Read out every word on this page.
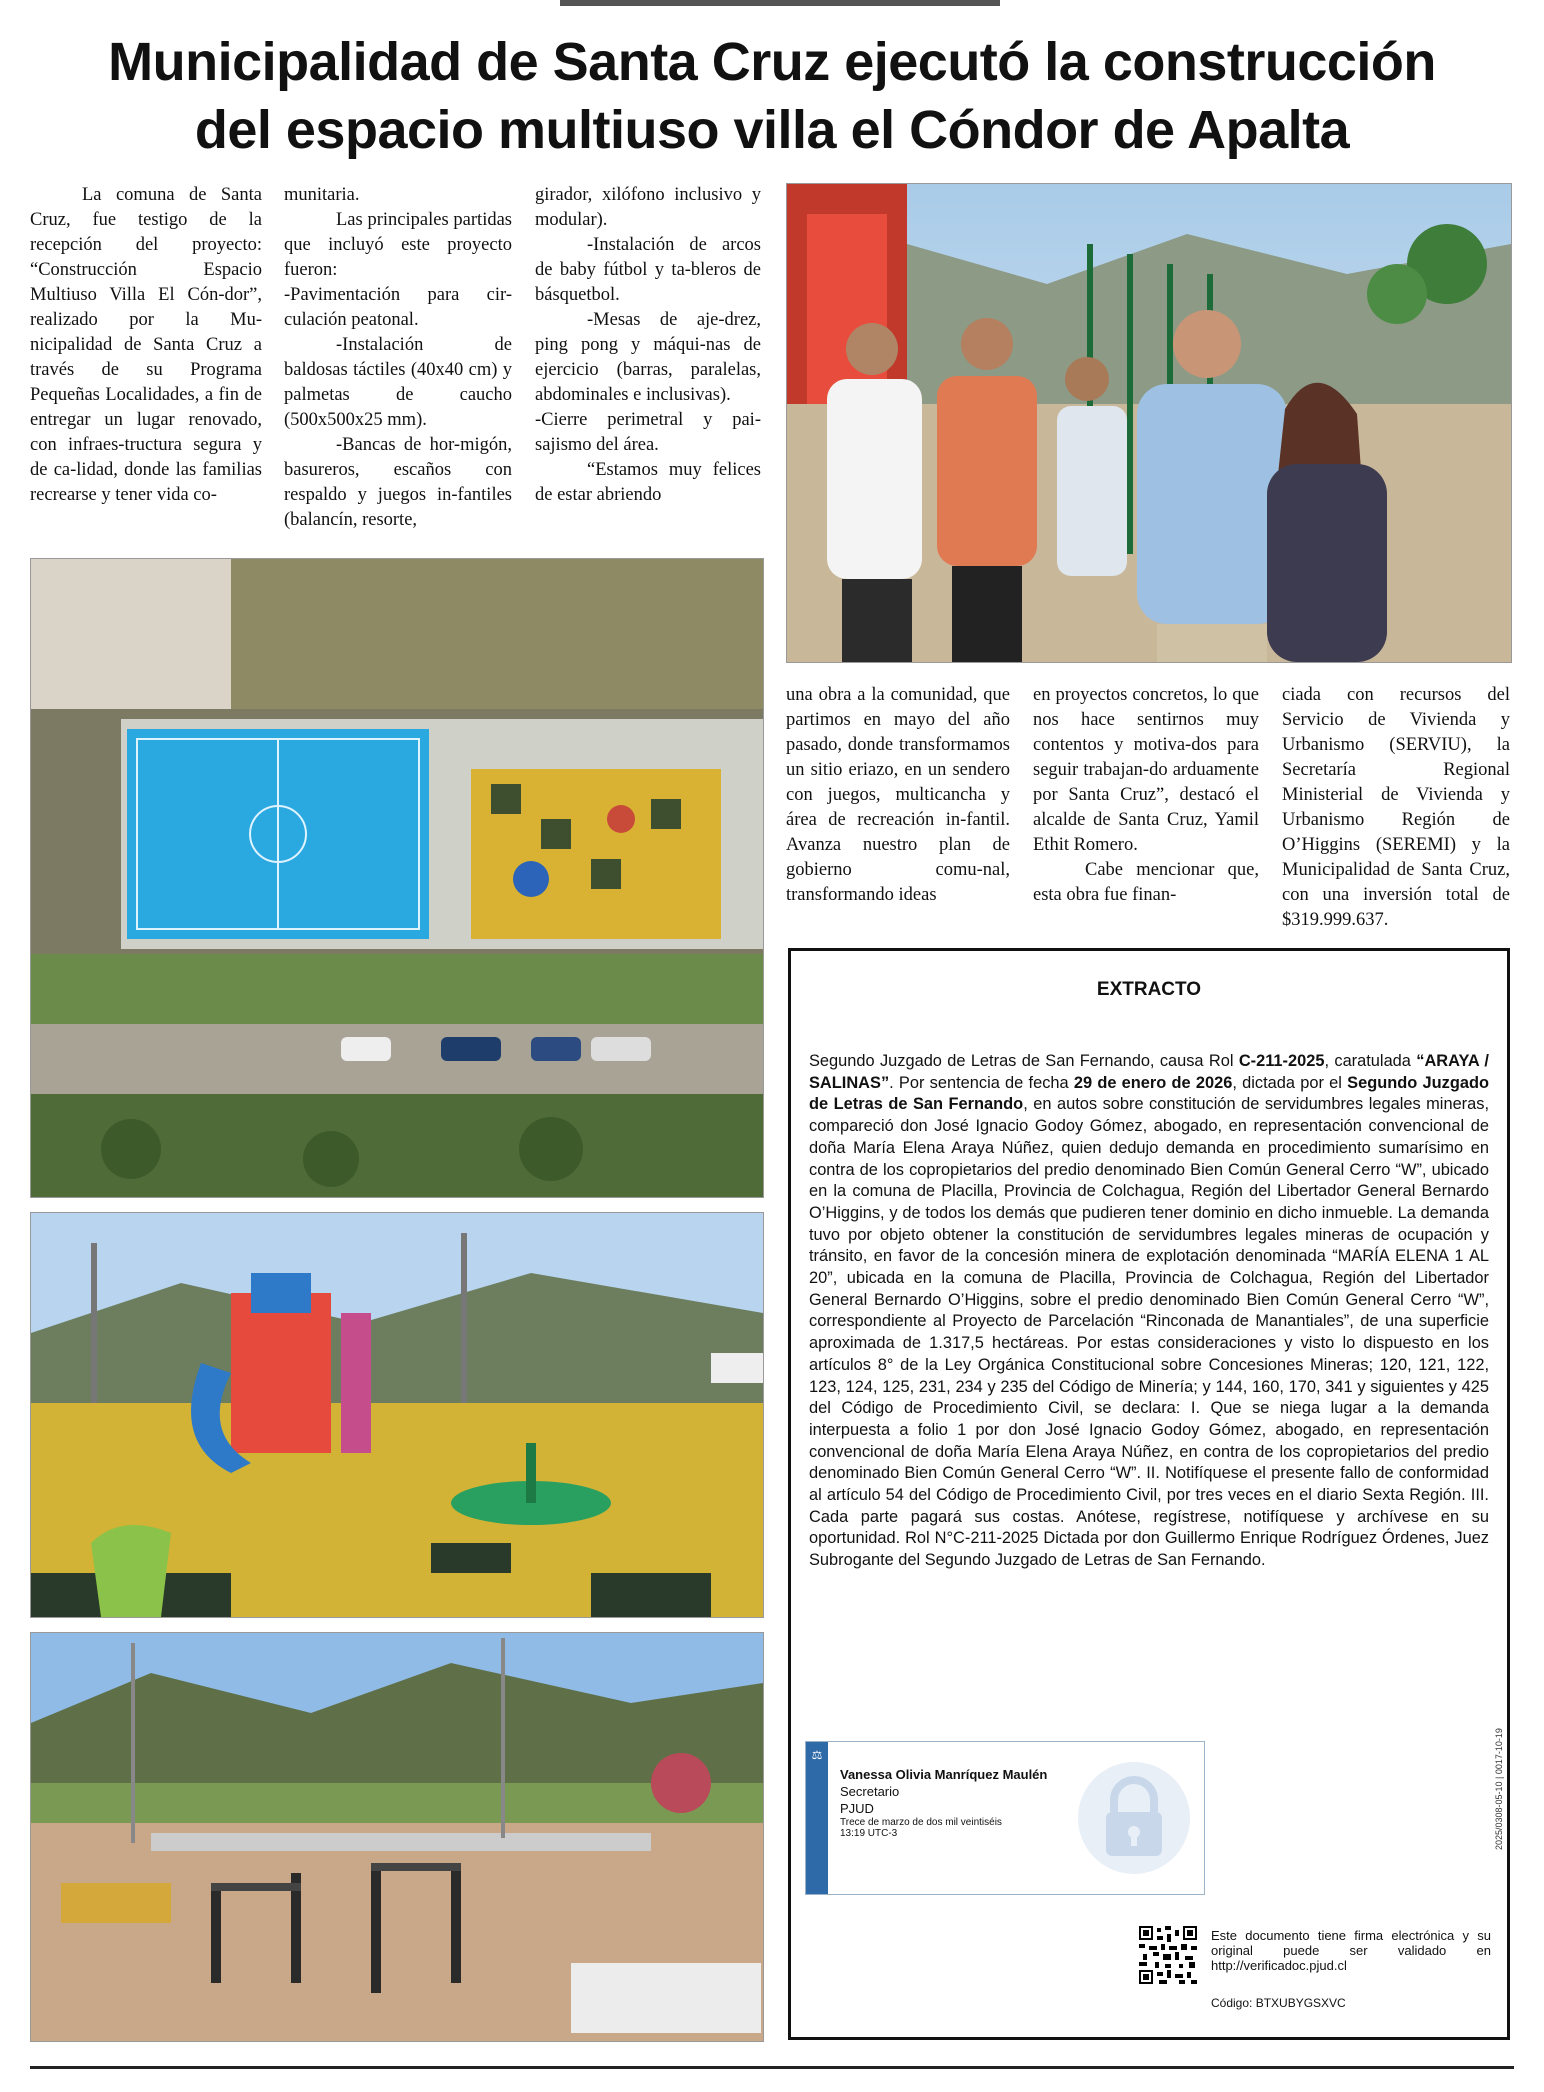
Municipalidad de Santa Cruz ejecutó la construcción
del espacio multiuso villa el Cóndor de Apalta

La comuna de Santa Cruz, fue testigo de la recepción del proyecto: “Construcción Espacio Multiuso Villa El Cón-dor”, realizado por la Mu-nicipalidad de Santa Cruz a través de su Programa Pequeñas Localidades, a fin de entregar un lugar renovado, con infraes-tructura segura y de ca-lidad, donde las familias recrearse y tener vida co-

munitaria.

Las principales partidas que incluyó este proyecto fueron:

-Pavimentación para cir-culación peatonal.

-Instalación de baldosas táctiles (40x40 cm) y palmetas de caucho (500x500x25 mm).

-Bancas de hor-migón, basureros, escaños con respaldo y juegos in-fantiles (balancín, resorte,

girador, xilófono inclusivo y modular).

-Instalación de arcos de baby fútbol y ta-bleros de básquetbol.

-Mesas de aje-drez, ping pong y máqui-nas de ejercicio (barras, paralelas, abdominales e inclusivas).

-Cierre perimetral y pai-sajismo del área.

“Estamos muy felices de estar abriendo

una obra a la comunidad, que partimos en mayo del año pasado, donde transformamos un sitio eriazo, en un sendero con juegos, multicancha y área de recreación in-fantil. Avanza nuestro plan de gobierno comu-nal, transformando ideas

en proyectos concretos, lo que nos hace sentirnos muy contentos y motiva-dos para seguir trabajan-do arduamente por Santa Cruz”, destacó el alcalde de Santa Cruz, Yamil Ethit Romero.

Cabe mencionar que, esta obra fue finan-

ciada con recursos del Servicio de Vivienda y Urbanismo (SERVIU), la Secretaría Regional Ministerial de Vivienda y Urbanismo Región de O’Higgins (SEREMI) y la Municipalidad de Santa Cruz, con una inversión total de $319.999.637.

EXTRACTO
Segundo Juzgado de Letras de San Fernando, causa Rol C-211-2025, caratulada “ARAYA / SALINAS”. Por sentencia de fecha 29 de enero de 2026, dictada por el Segundo Juzgado de Letras de San Fernando, en autos sobre constitución de servidumbres legales mineras, compareció don José Ignacio Godoy Gómez, abogado, en representación convencional de doña María Elena Araya Núñez, quien dedujo demanda en procedimiento sumarísimo en contra de los copropietarios del predio denominado Bien Común General Cerro “W”, ubicado en la comuna de Placilla, Provincia de Colchagua, Región del Libertador General Bernardo O’Higgins, y de todos los demás que pudieren tener dominio en dicho inmueble. La demanda tuvo por objeto obtener la constitución de servidumbres legales mineras de ocupación y tránsito, en favor de la concesión minera de explotación denominada “MARÍA ELENA 1 AL 20”, ubicada en la comuna de Placilla, Provincia de Colchagua, Región del Libertador General Bernardo O’Higgins, sobre el predio denominado Bien Común General Cerro “W”, correspondiente al Proyecto de Parcelación “Rinconada de Manantiales”, de una superficie aproximada de 1.317,5 hectáreas. Por estas consideraciones y visto lo dispuesto en los artículos 8° de la Ley Orgánica Constitucional sobre Concesiones Mineras; 120, 121, 122, 123, 124, 125, 231, 234 y 235 del Código de Minería; y 144, 160, 170, 341 y siguientes y 425 del Código de Procedimiento Civil, se declara: I. Que se niega lugar a la demanda interpuesta a folio 1 por don José Ignacio Godoy Gómez, abogado, en representación convencional de doña María Elena Araya Núñez, en contra de los copropietarios del predio denominado Bien Común General Cerro “W”. II. Notifíquese el presente fallo de conformidad al artículo 54 del Código de Procedimiento Civil, por tres veces en el diario Sexta Región. III. Cada parte pagará sus costas. Anótese, regístrese, notifíquese y archívese en su oportunidad. Rol N°C-211-2025 Dictada por don Guillermo Enrique Rodríguez Órdenes, Juez Subrogante del Segundo Juzgado de Letras de San Fernando.
⚖
Vanessa Olivia Manríquez Maulén
Secretario
PJUD
Trece de marzo de dos mil veintiséis
13:19 UTC-3
Este documento tiene firma electrónica y su original puede ser validado en http://verificadoc.pjud.cl
Código: BTXUBYGSXVC
2025/0308-05-10 | 0017-10-19
